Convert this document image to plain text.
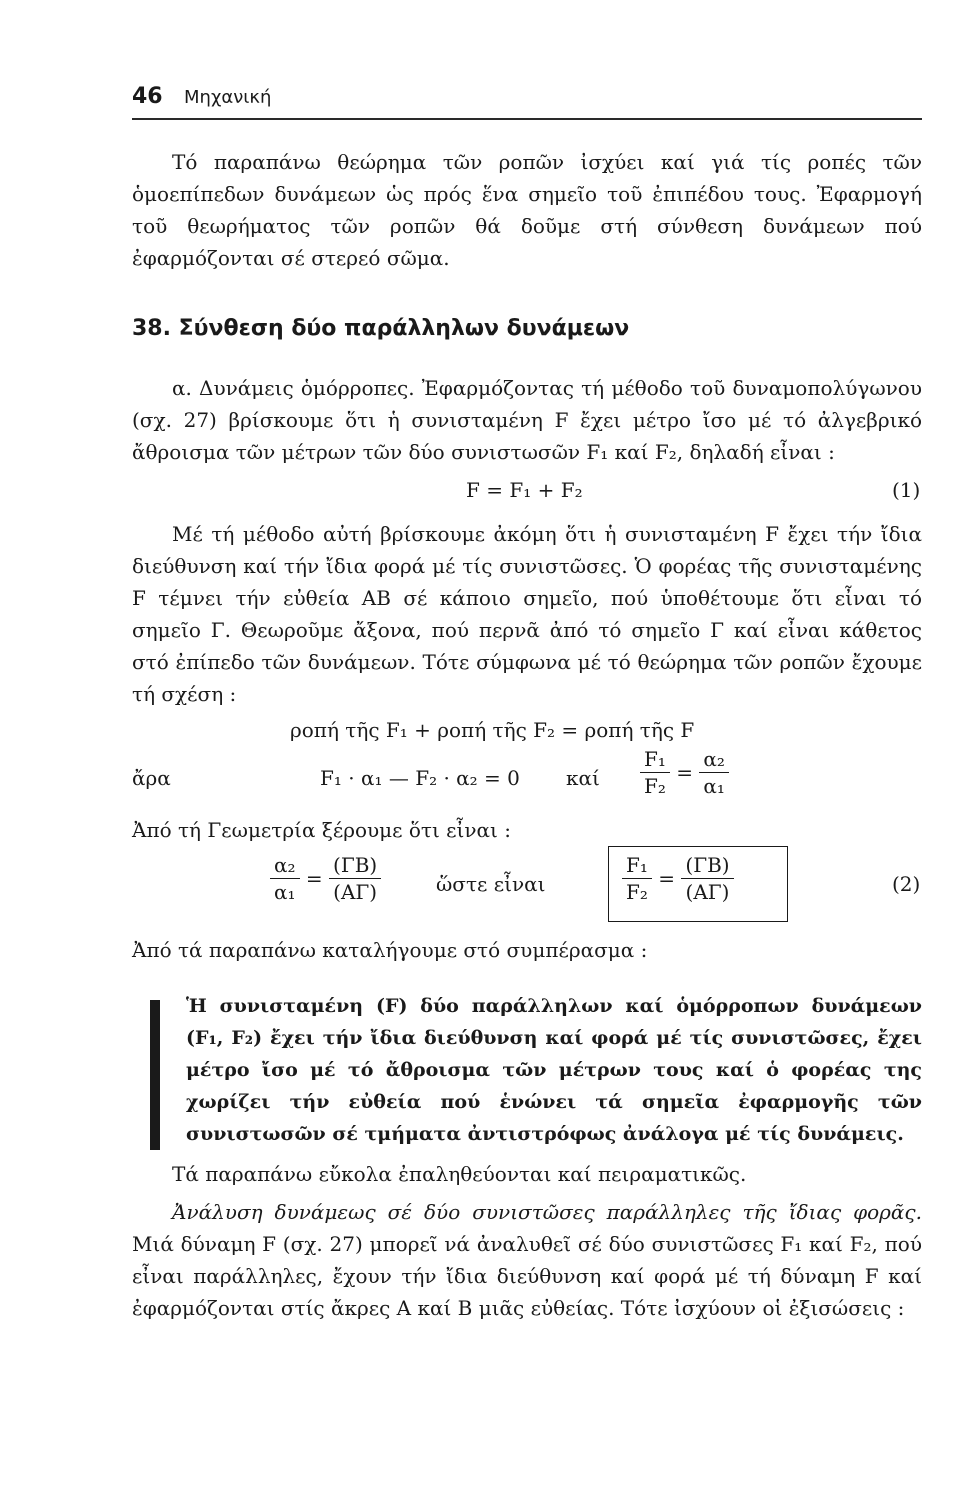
46 Μηχανική

Τό παραπάνω θεώρημα τῶν ροπῶν ἰσχύει καί γιά τίς ροπές τῶν ὁμοεπίπεδων δυνάμεων ὡς πρός ἕνα σημεῖο τοῦ ἐπιπέδου τους. Ἐφαρμογή τοῦ θεωρήματος τῶν ροπῶν θά δοῦμε στή σύνθεση δυνάμεων πού ἐφαρμόζονται σέ στερεό σῶμα.

38. Σύνθεση δύο παράλληλων δυνάμεων

α. Δυνάμεις ὁμόρροπες. Ἐφαρμόζοντας τή μέθοδο τοῦ δυναμοπολύγωνου (σχ. 27) βρίσκουμε ὅτι ἡ συνισταμένη F ἔχει μέτρο ἴσο μέ τό ἀλγεβρικό ἄθροισμα τῶν μέτρων τῶν δύο συνιστωσῶν F₁ καί F₂, δηλαδή εἶναι :

F = F₁ + F₂	(1)

Μέ τή μέθοδο αὐτή βρίσκουμε ἀκόμη ὅτι ἡ συνισταμένη F ἔχει τήν ἴδια διεύθυνση καί τήν ἴδια φορά μέ τίς συνιστῶσες. Ὁ φορέας τῆς συνισταμένης F τέμνει τήν εὐθεία ΑΒ σέ κάποιο σημεῖο, πού ὑποθέτουμε ὅτι εἶναι τό σημεῖο Γ. Θεωροῦμε ἄξονα, πού περνᾶ ἀπό τό σημεῖο Γ καί εἶναι κάθετος στό ἐπίπεδο τῶν δυνάμεων. Τότε σύμφωνα μέ τό θεώρημα τῶν ροπῶν ἔχουμε τή σχέση :

ροπή τῆς F₁ + ροπή τῆς F₂ = ροπή τῆς F
ἄρα	F₁ · α₁ — F₂ · α₂ = 0 καί $\frac{\text{F₁}}{\text{F₂}} = \frac{\text{α₂}}{\text{α₁}}$
Ἀπό τή Γεωμετρία ξέρουμε ὅτι εἶναι :
$\frac{\text{α₂}}{\text{α₁}} = \frac{(\Gamma B)}{(A\Gamma)}$	ὥστε εἶναι	$\frac{\text{F₁}}{\text{F₂}} = \frac{(\Gamma B)}{(A\Gamma)}$	(2)
Ἀπό τά παραπάνω καταλήγουμε στό συμπέρασμα :

Ἡ συνισταμένη (F) δύο παράλληλων καί ὁμόρροπων δυνάμεων (F₁, F₂) ἔχει τήν ἴδια διεύθυνση καί φορά μέ τίς συνιστῶσες, ἔχει μέτρο ἴσο μέ τό ἄθροισμα τῶν μέτρων τους καί ὁ φορέας της χωρίζει τήν εὐθεία πού ἑνώνει τά σημεῖα ἐφαρμογῆς τῶν συνιστωσῶν σέ τμήματα ἀντιστρόφως ἀνάλογα μέ τίς δυνάμεις.

Τά παραπάνω εὔκολα ἐπαληθεύονται καί πειραματικῶς.

Ἀνάλυση δυνάμεως σέ δύο συνιστῶσες παράλληλες τῆς ἴδιας φορᾶς. Μιά δύναμη F (σχ. 27) μπορεῖ νά ἀναλυθεῖ σέ δύο συνιστῶσες F₁ καί F₂, πού εἶναι παράλληλες, ἔχουν τήν ἴδια διεύθυνση καί φορά μέ τή δύναμη F καί ἐφαρμόζονται στίς ἄκρες Α καί Β μιᾶς εὐθείας. Τότε ἰσχύουν οἱ ἐξισώσεις :
